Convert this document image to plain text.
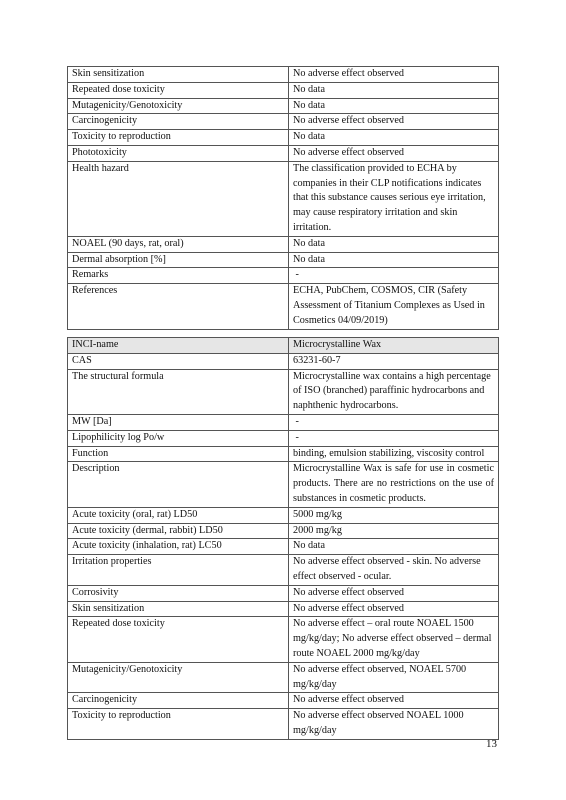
Skin sensitization	No adverse effect observed
Repeated dose toxicity	No data
Mutagenicity/Genotoxicity	No data
Carcinogenicity	No adverse effect observed
Toxicity to reproduction	No data
Phototoxicity	No adverse effect observed
Health hazard	The classification provided to ECHA by companies in their CLP notifications indicates that this substance causes serious eye irritation, may cause respiratory irritation and skin irritation.
NOAEL (90 days, rat, oral)	No data
Dermal absorption [%]	No data
Remarks	-
References	ECHA, PubChem, COSMOS, CIR (Safety Assessment of Titanium Complexes as Used in Cosmetics 04/09/2019)
INCI-name	Microcrystalline Wax
CAS	63231-60-7
The structural formula	Microcrystalline wax contains a high percentage of ISO (branched) paraffinic hydrocarbons and naphthenic hydrocarbons.
MW [Da]	-
Lipophilicity log Po/w	-
Function	binding, emulsion stabilizing, viscosity control
Description	Microcrystalline Wax is safe for use in cosmetic products. There are no restrictions on the use of substances in cosmetic products.
Acute toxicity (oral, rat) LD50	5000 mg/kg
Acute toxicity (dermal, rabbit) LD50	2000 mg/kg
Acute toxicity (inhalation, rat) LC50	No data
Irritation properties	No adverse effect observed - skin. No adverse effect observed - ocular.
Corrosivity	No adverse effect observed
Skin sensitization	No adverse effect observed
Repeated dose toxicity	No adverse effect – oral route NOAEL 1500 mg/kg/day; No adverse effect observed – dermal route NOAEL 2000 mg/kg/day
Mutagenicity/Genotoxicity	No adverse effect observed, NOAEL 5700 mg/kg/day
Carcinogenicity	No adverse effect observed
Toxicity to reproduction	No adverse effect observed NOAEL 1000 mg/kg/day
13
